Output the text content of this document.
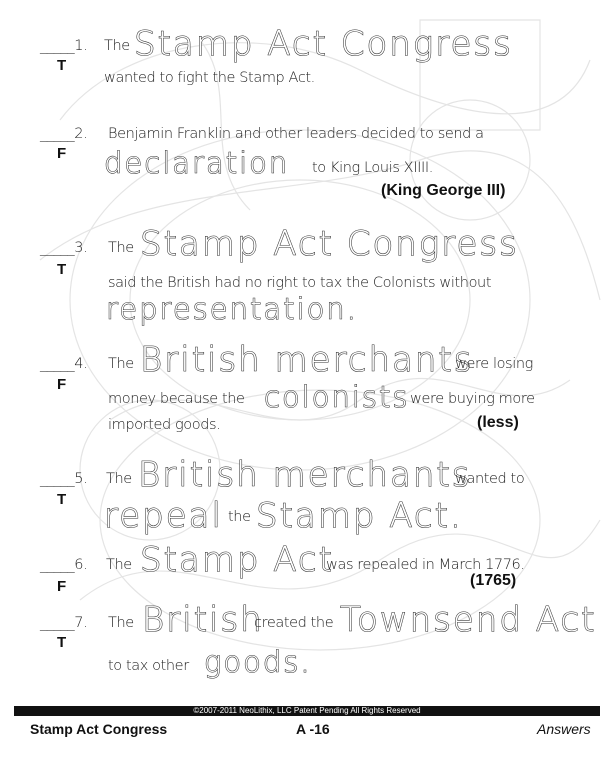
_____1.
T
The Stamp Act Congress
wanted to fight the Stamp Act.
_____2.
F
Benjamin Franklin and other leaders decided to send a
declaration to King Louis XIIII.
(King George III)
_____3.
T
The Stamp Act Congress
said the British had no right to tax the Colonists without
representation.
_____4.
F
The British merchants
were losing
money because the colonists were buying more
imported goods.	(less)
_____5.
T
The British merchants
wanted to
repeal the Stamp Act.
_____6.
F
The Stamp Act
was repealed in March 1776.
(1765)
_____7.
T
The British
created the Townsend Act
to tax other goods.
©2007-2011 NeoLithix, LLC Patent Pending All Rights Reserved
Stamp Act Congress	A -16	Answers
